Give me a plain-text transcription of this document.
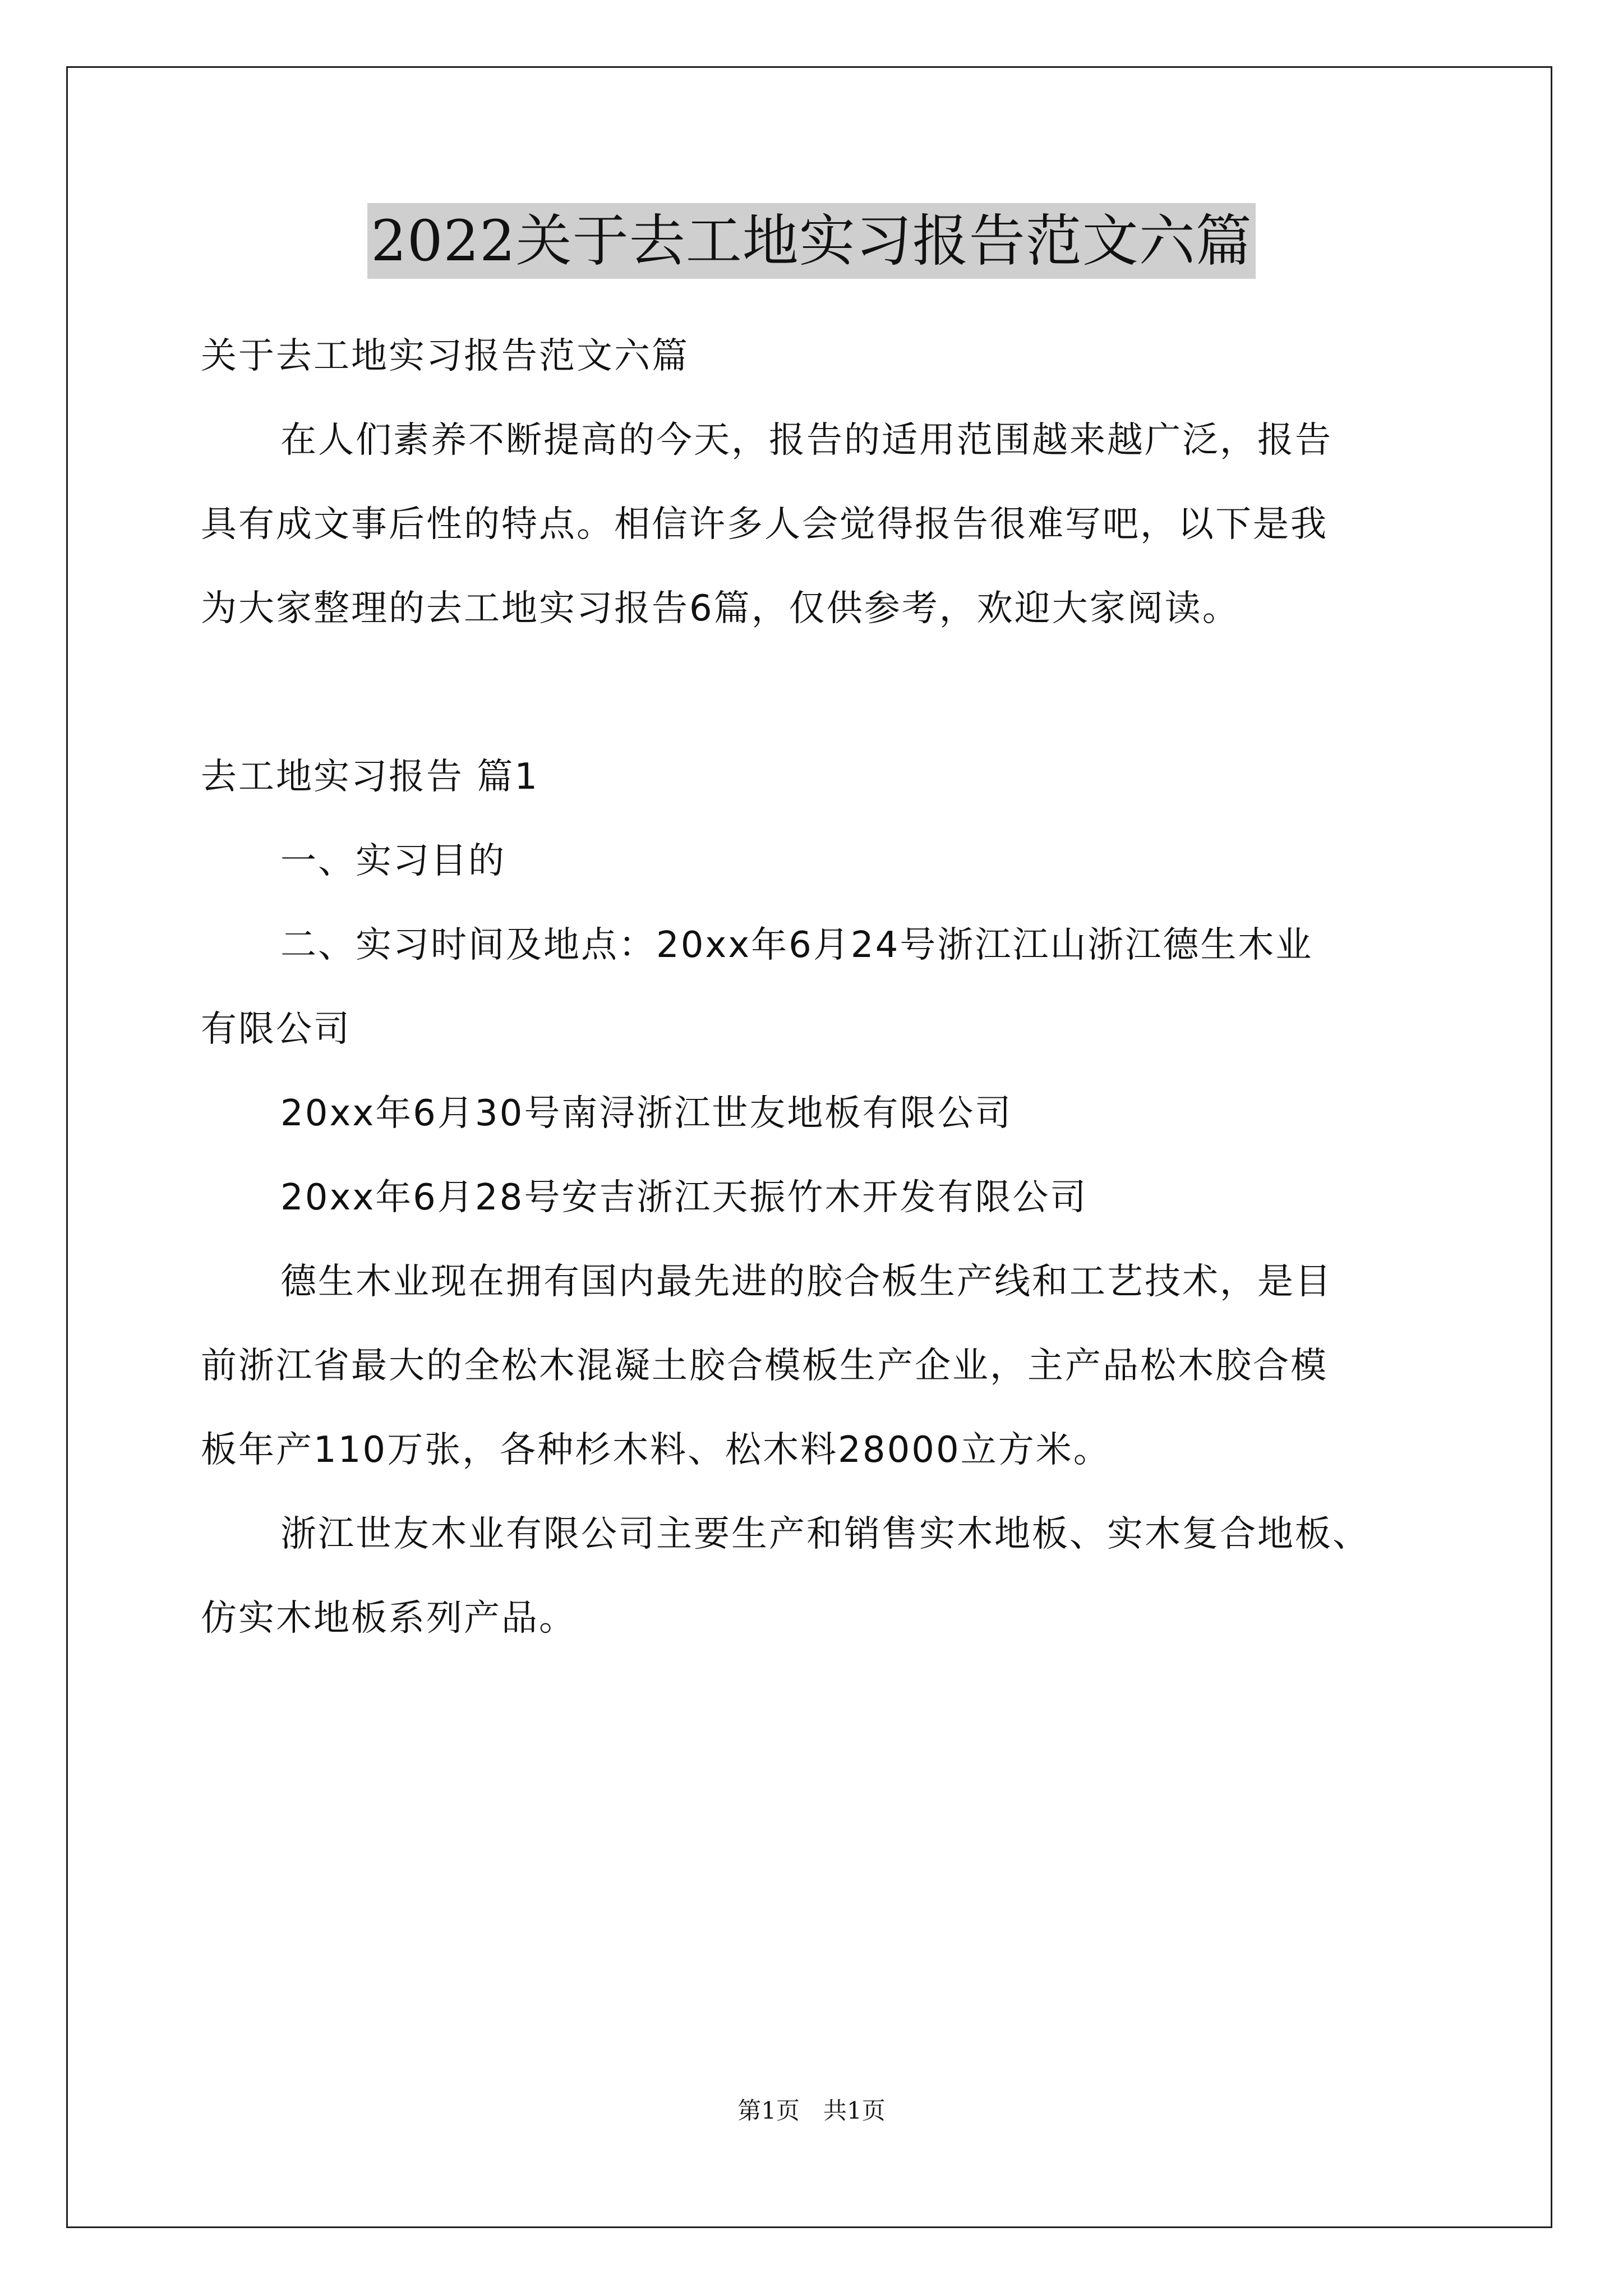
2022关于去工地实习报告范文六篇
关于去工地实习报告范文六篇
在人们素养不断提高的今天，报告的适用范围越来越广泛，报告
具有成文事后性的特点。相信许多人会觉得报告很难写吧，以下是我
为大家整理的去工地实习报告6篇，仅供参考，欢迎大家阅读。
去工地实习报告 篇1
一、实习目的
二、实习时间及地点：20xx年6月24号浙江江山浙江德生木业
有限公司
20xx年6月30号南浔浙江世友地板有限公司
20xx年6月28号安吉浙江天振竹木开发有限公司
德生木业现在拥有国内最先进的胶合板生产线和工艺技术，是目
前浙江省最大的全松木混凝土胶合模板生产企业，主产品松木胶合模
板年产110万张，各种杉木料、松木料28000立方米。
浙江世友木业有限公司主要生产和销售实木地板、实木复合地板、
仿实木地板系列产品。
第1页　共1页
